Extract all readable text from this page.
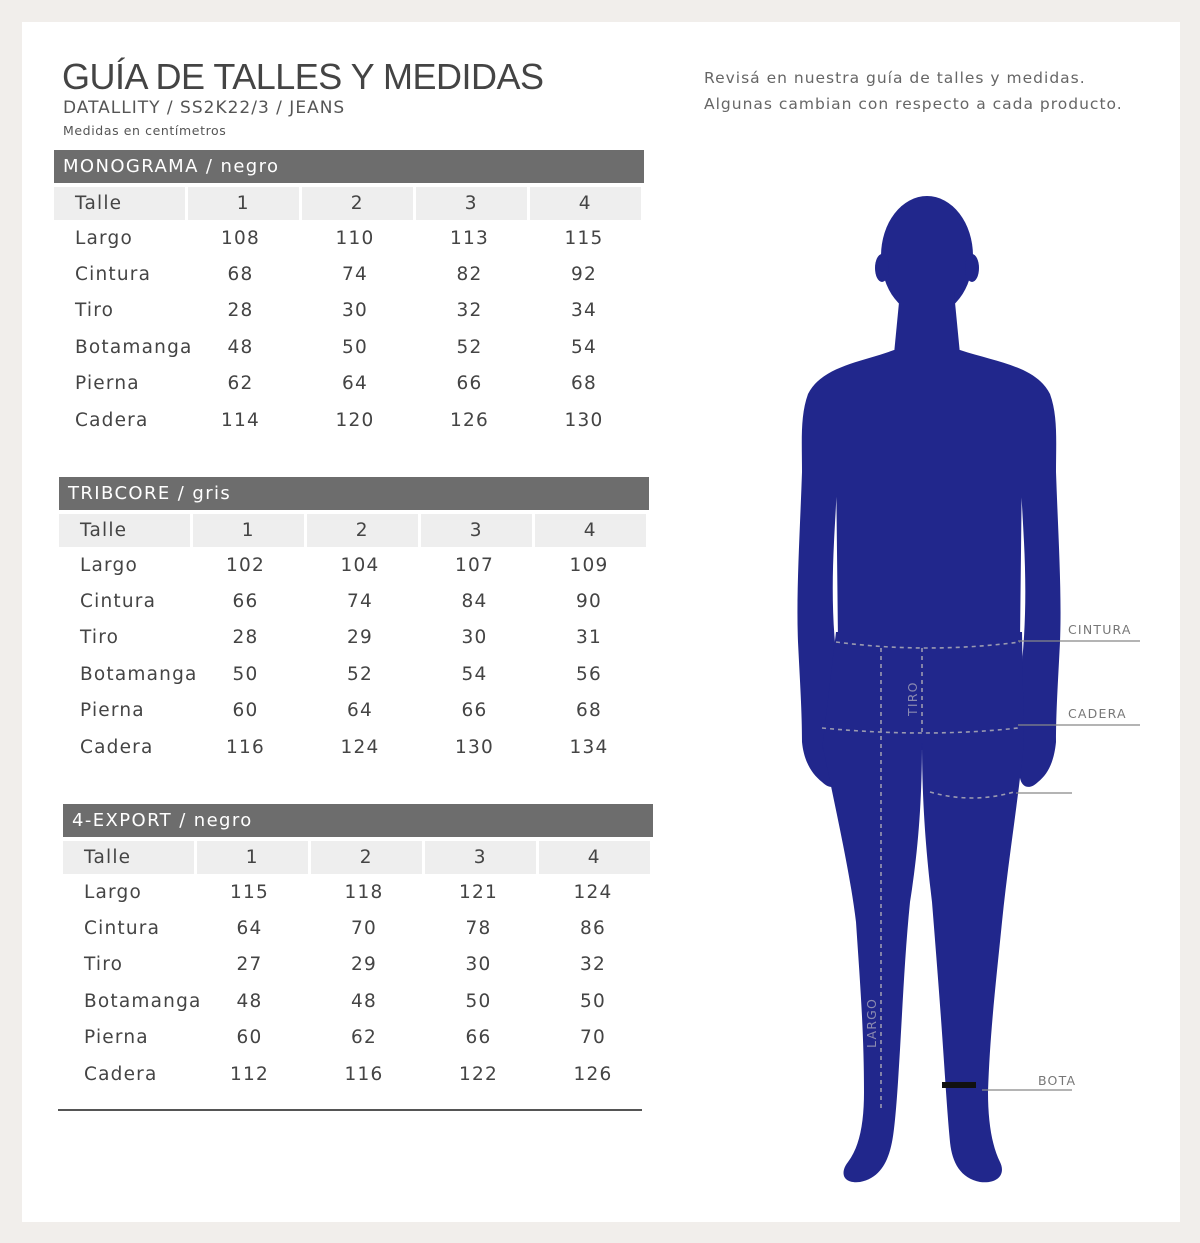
GUÍA DE TALLES Y MEDIDAS
DATALLITY / SS2K22/3 / JEANS
Medidas en centímetros
Revisá en nuestra guía de talles y medidas.
Algunas cambian con respecto a cada producto.
MONOGRAMA / negro
Talle	1	2	3	4
Largo	108	110	113	115
Cintura	68	74	82	92
Tiro	28	30	32	34
Botamanga	48	50	52	54
Pierna	62	64	66	68
Cadera	114	120	126	130
TRIBCORE / gris
Talle	1	2	3	4
Largo	102	104	107	109
Cintura	66	74	84	90
Tiro	28	29	30	31
Botamanga	50	52	54	56
Pierna	60	64	66	68
Cadera	116	124	130	134
4-EXPORT / negro
Talle	1	2	3	4
Largo	115	118	121	124
Cintura	64	70	78	86
Tiro	27	29	30	32
Botamanga	48	48	50	50
Pierna	60	62	66	70
Cadera	112	116	122	126
CINTURA
CADERA
BOTA
TIRO
LARGO
